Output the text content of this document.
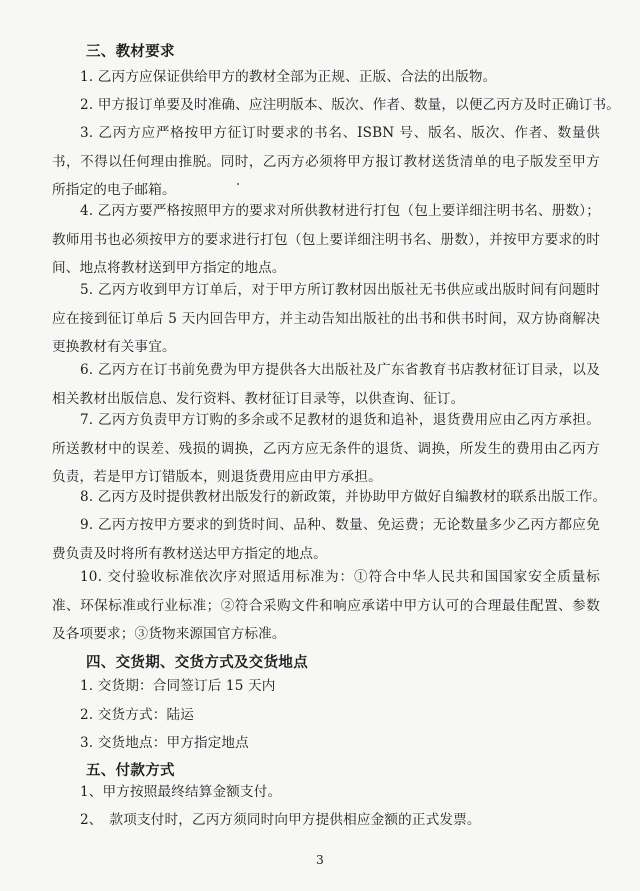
三、教材要求
1. 乙丙方应保证供给甲方的教材全部为正规、正版、合法的出版物。
2. 甲方报订单要及时准确、应注明版本、版次、作者、数量，以便乙丙方及时正确订书。
3. 乙丙方应严格按甲方征订时要求的书名、ISBN 号、版名、版次、作者、数量供书，不得以任何理由推脱。同时，乙丙方必须将甲方报订教材送货清单的电子版发至甲方所指定的电子邮箱。
4. 乙丙方要严格按照甲方的要求对所供教材进行打包（包上要详细注明书名、册数）；教师用书也必须按甲方的要求进行打包（包上要详细注明书名、册数），并按甲方要求的时间、地点将教材送到甲方指定的地点。
5. 乙丙方收到甲方订单后，对于甲方所订教材因出版社无书供应或出版时间有问题时应在接到征订单后 5 天内回告甲方，并主动告知出版社的出书和供书时间，双方协商解决更换教材有关事宜。
6. 乙丙方在订书前免费为甲方提供各大出版社及广东省教育书店教材征订目录，以及相关教材出版信息、发行资料、教材征订目录等，以供查询、征订。
7. 乙丙方负责甲方订购的多余或不足教材的退货和追补，退货费用应由乙丙方承担。所送教材中的误差、残损的调换，乙丙方应无条件的退货、调换，所发生的费用由乙丙方负责，若是甲方订错版本，则退货费用应由甲方承担。
8. 乙丙方及时提供教材出版发行的新政策，并协助甲方做好自编教材的联系出版工作。
9. 乙丙方按甲方要求的到货时间、品种、数量、免运费；无论数量多少乙丙方都应免费负责及时将所有教材送达甲方指定的地点。
10. 交付验收标准依次序对照适用标准为：①符合中华人民共和国国家安全质量标准、环保标准或行业标准；②符合采购文件和响应承诺中甲方认可的合理最佳配置、参数及各项要求；③货物来源国官方标准。
四、交货期、交货方式及交货地点
1. 交货期：合同签订后 15 天内
2. 交货方式：陆运
3. 交货地点：甲方指定地点
五、付款方式
1、甲方按照最终结算金额支付。
2、　款项支付时，乙丙方须同时向甲方提供相应金额的正式发票。
3
